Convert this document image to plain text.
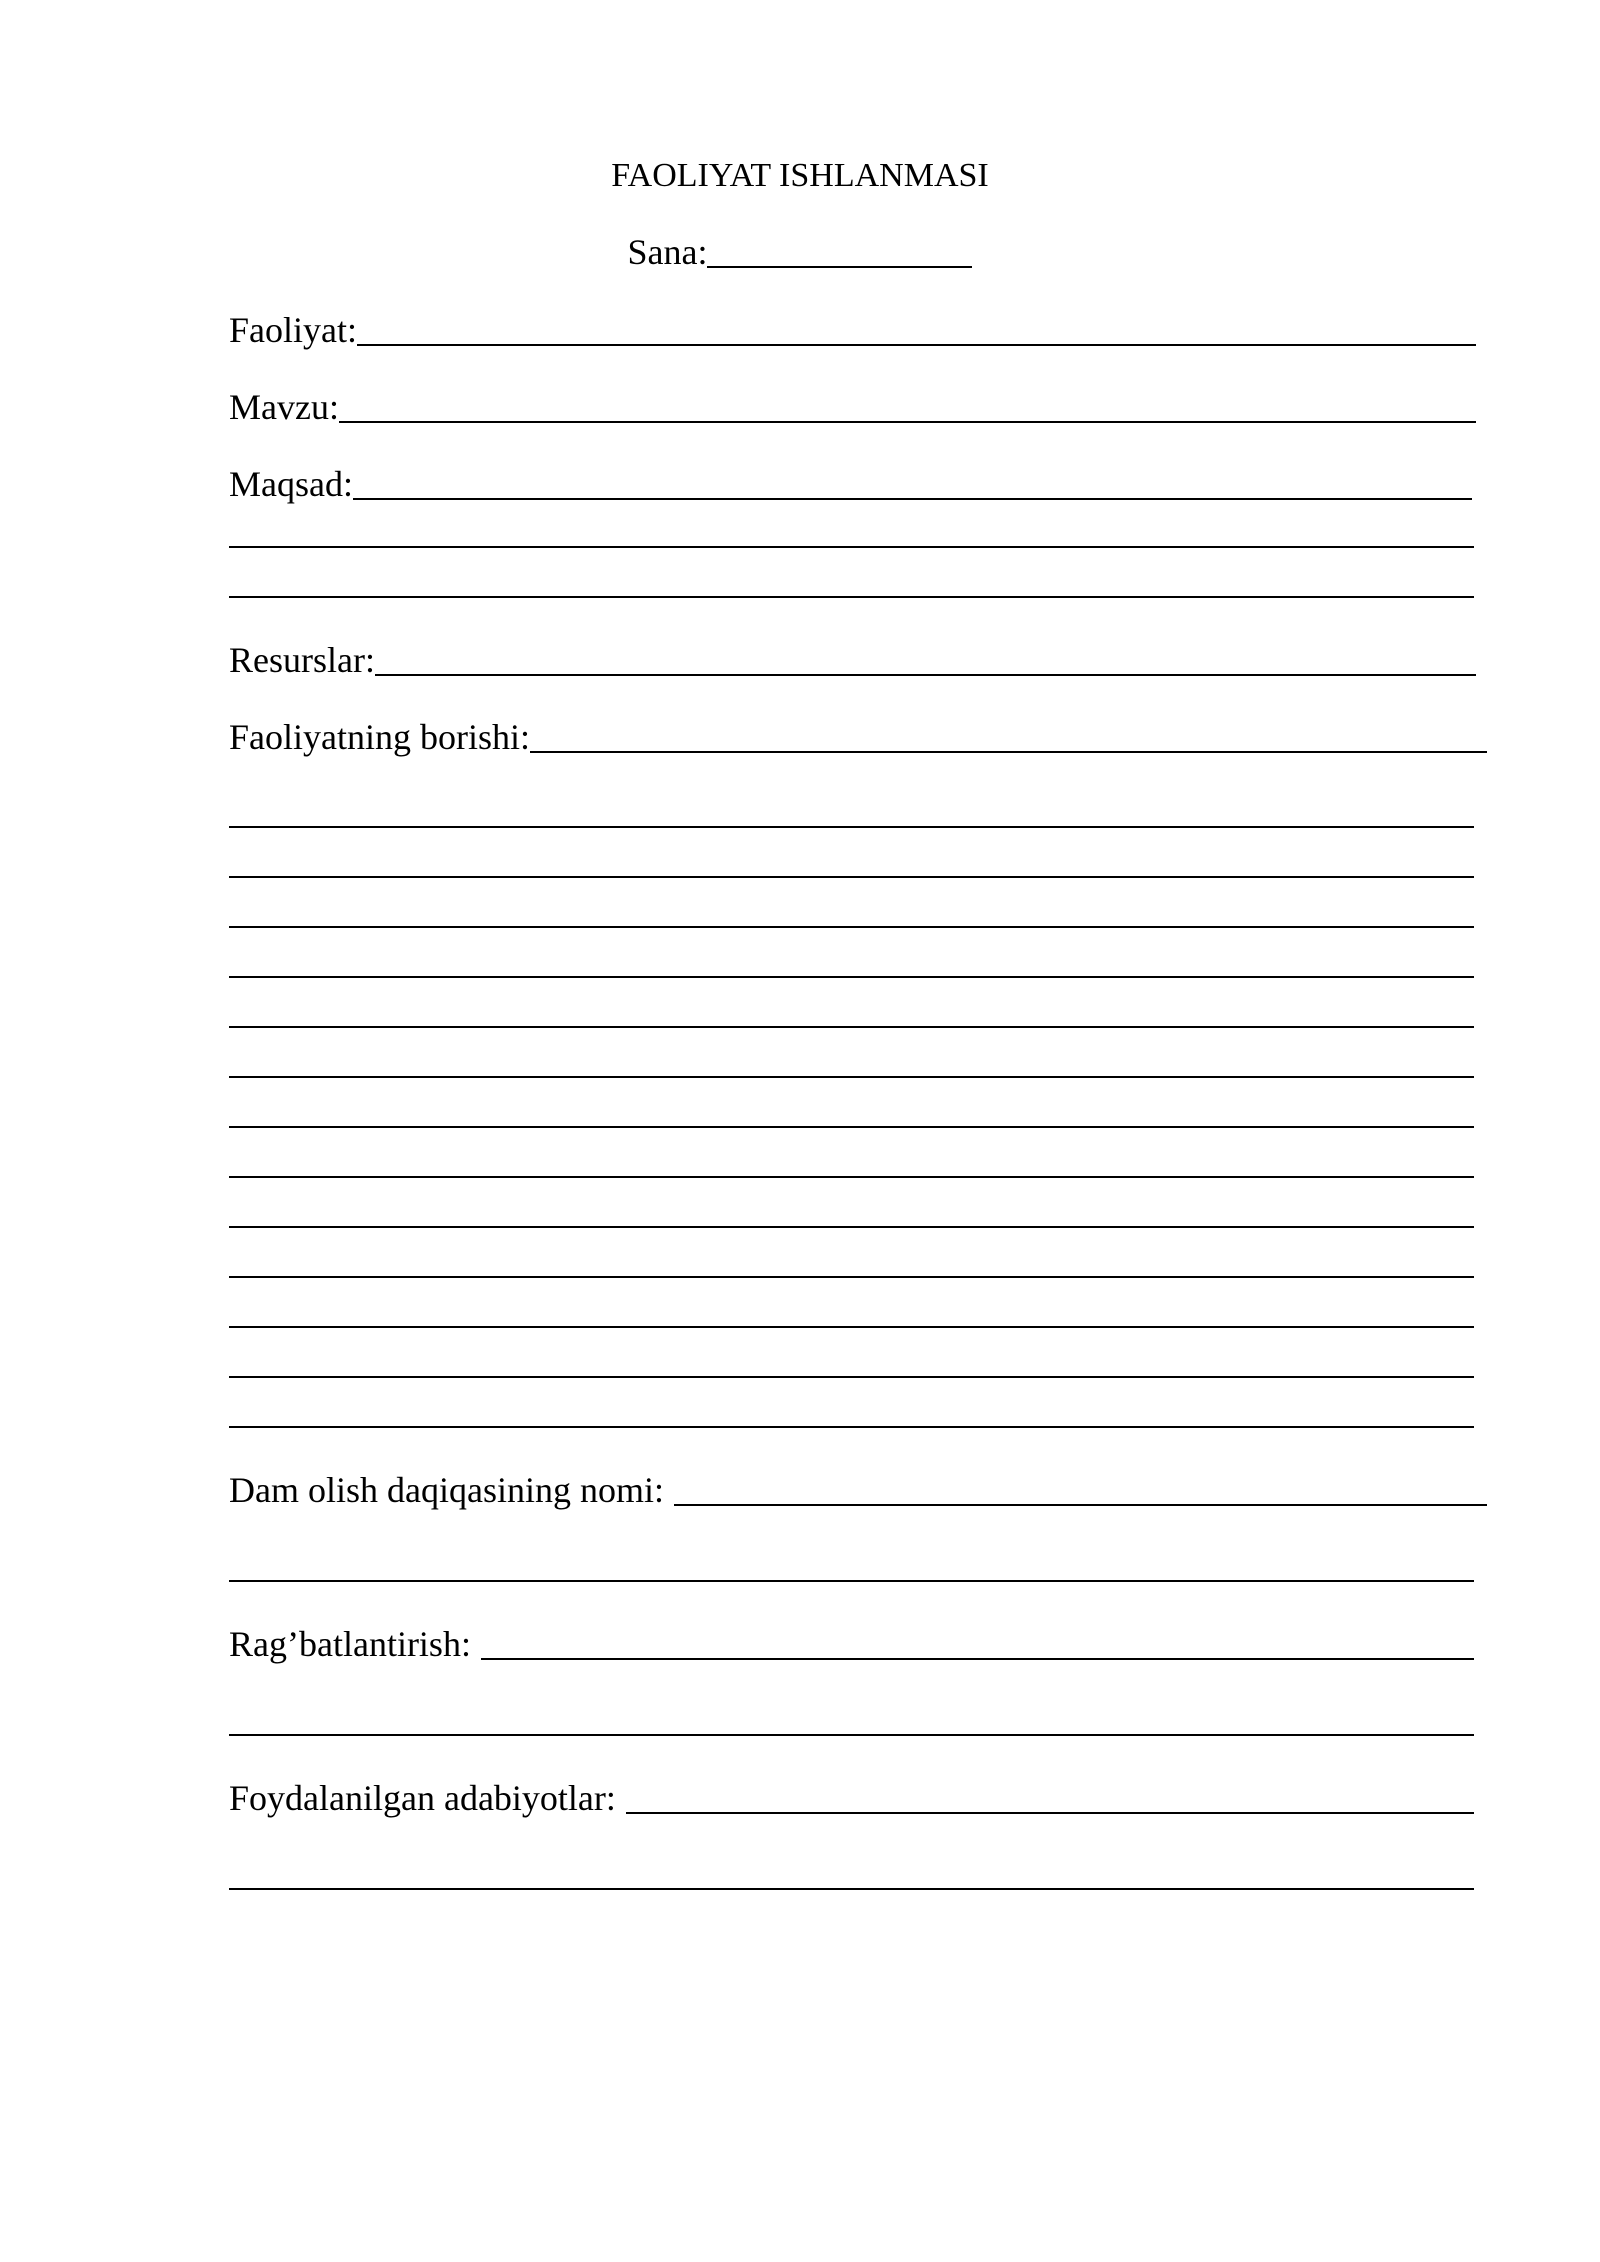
FAOLIYAT ISHLANMASI
Sana:
Faoliyat:
Mavzu:
Maqsad:
Resurslar:
Faoliyatning borishi:
Dam olish daqiqasining nomi:
Rag’batlantirish:
Foydalanilgan adabiyotlar:
